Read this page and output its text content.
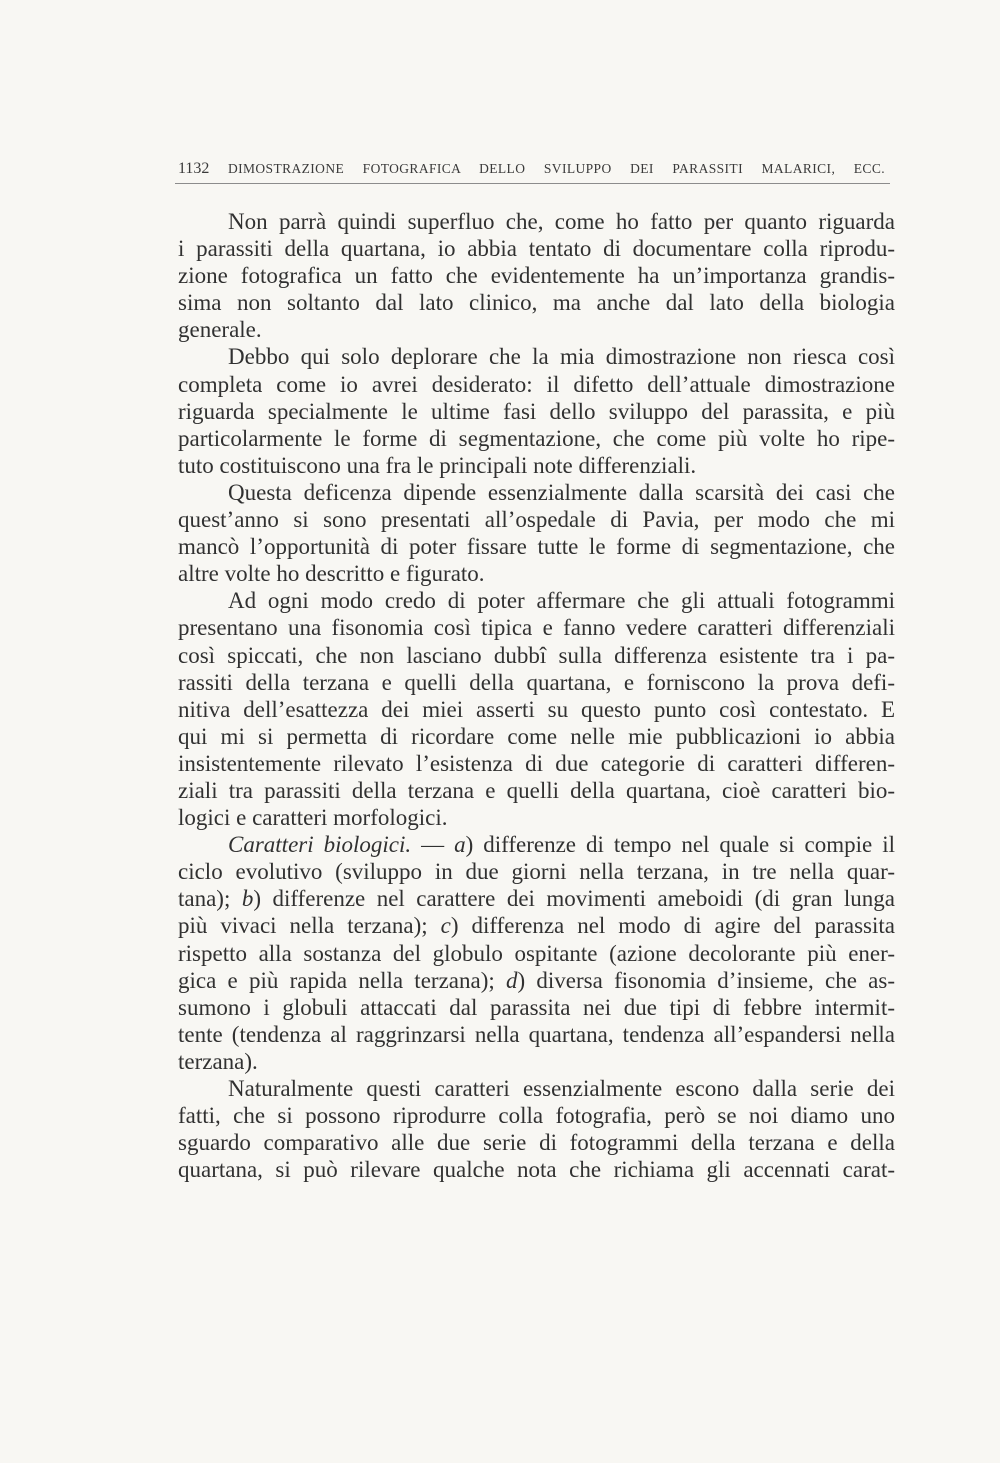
1132 DIMOSTRAZIONE FOTOGRAFICA DELLO SVILUPPO DEI PARASSITI MALARICI, ECC.
Non parrà quindi superfluo che, come ho fatto per quanto riguarda
i parassiti della quartana, io abbia tentato di documentare colla riprodu-
zione fotografica un fatto che evidentemente ha un’importanza grandis-
sima non soltanto dal lato clinico, ma anche dal lato della biologia
generale.
Debbo qui solo deplorare che la mia dimostrazione non riesca così
completa come io avrei desiderato: il difetto dell’attuale dimostrazione
riguarda specialmente le ultime fasi dello sviluppo del parassita, e più
particolarmente le forme di segmentazione, che come più volte ho ripe-
tuto costituiscono una fra le principali note differenziali.
Questa deficenza dipende essenzialmente dalla scarsità dei casi che
quest’anno si sono presentati all’ospedale di Pavia, per modo che mi
mancò l’opportunità di poter fissare tutte le forme di segmentazione, che
altre volte ho descritto e figurato.
Ad ogni modo credo di poter affermare che gli attuali fotogrammi
presentano una fisonomia così tipica e fanno vedere caratteri differenziali
così spiccati, che non lasciano dubbî sulla differenza esistente tra i pa-
rassiti della terzana e quelli della quartana, e forniscono la prova defi-
nitiva dell’esattezza dei miei asserti su questo punto così contestato. E
qui mi si permetta di ricordare come nelle mie pubblicazioni io abbia
insistentemente rilevato l’esistenza di due categorie di caratteri differen-
ziali tra parassiti della terzana e quelli della quartana, cioè caratteri bio-
logici e caratteri morfologici.
Caratteri biologici. — a) differenze di tempo nel quale si compie il
ciclo evolutivo (sviluppo in due giorni nella terzana, in tre nella quar-
tana); b) differenze nel carattere dei movimenti ameboidi (di gran lunga
più vivaci nella terzana); c) differenza nel modo di agire del parassita
rispetto alla sostanza del globulo ospitante (azione decolorante più ener-
gica e più rapida nella terzana); d) diversa fisonomia d’insieme, che as-
sumono i globuli attaccati dal parassita nei due tipi di febbre intermit-
tente (tendenza al raggrinzarsi nella quartana, tendenza all’espandersi nella
terzana).
Naturalmente questi caratteri essenzialmente escono dalla serie dei
fatti, che si possono riprodurre colla fotografia, però se noi diamo uno
sguardo comparativo alle due serie di fotogrammi della terzana e della
quartana, si può rilevare qualche nota che richiama gli accennati carat-
